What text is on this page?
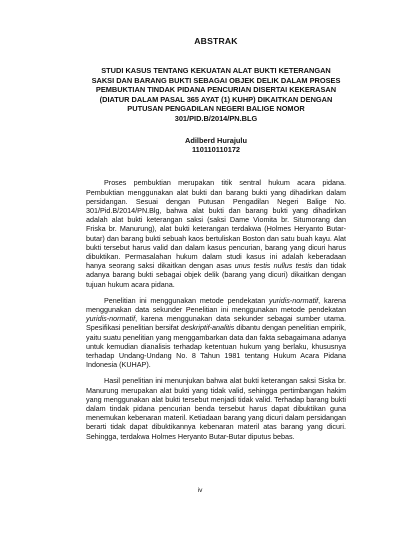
ABSTRAK
STUDI KASUS TENTANG KEKUATAN ALAT BUKTI KETERANGAN
SAKSI DAN BARANG BUKTI SEBAGAI OBJEK DELIK DALAM PROSES
PEMBUKTIAN TINDAK PIDANA PENCURIAN DISERTAI KEKERASAN
(DIATUR DALAM PASAL 365 AYAT (1) KUHP) DIKAITKAN DENGAN
PUTUSAN PENGADILAN NEGERI BALIGE NOMOR
301/PID.B/2014/PN.BLG
Adilberd Hurajulu
110110110172

Proses pembuktian merupakan titik sentral hukum acara pidana. Pembuktian menggunakan alat bukti dan barang bukti yang dihadirkan dalam persidangan. Sesuai dengan Putusan Pengadilan Negeri Balige No. 301/Pid.B/2014/PN.Blg, bahwa alat bukti dan barang bukti yang dihadirkan adalah alat bukti keterangan saksi (saksi Dame Viomita br. Situmorang dan Friska br. Manurung), alat bukti keterangan terdakwa (Holmes Heryanto Butar-butar) dan barang bukti sebuah kaos bertuliskan Boston dan satu buah kayu. Alat bukti tersebut harus valid dan dalam kasus pencurian, barang yang dicuri harus dibuktikan. Permasalahan hukum dalam studi kasus ini adalah keberadaan hanya seorang saksi dikaitkan dengan asas unus testis nullus testis dan tidak adanya barang bukti sebagai objek delik (barang yang dicuri) dikaitkan dengan tujuan hukum acara pidana.

Penelitian ini menggunakan metode pendekatan yuridis-normatif, karena menggunakan data sekunder Penelitian ini menggunakan metode pendekatan yuridis-normatif, karena menggunakan data sekunder sebagai sumber utama. Spesifikasi penelitian bersifat deskriptif-analitis dibantu dengan penelitian empirik, yaitu suatu penelitian yang menggambarkan data dan fakta sebagaimana adanya untuk kemudian dianalisis terhadap ketentuan hukum yang berlaku, khususnya terhadap Undang-Undang No. 8 Tahun 1981 tentang Hukum Acara Pidana Indonesia (KUHAP).

Hasil penelitian ini menunjukan bahwa alat bukti keterangan saksi Siska br. Manurung merupakan alat bukti yang tidak valid, sehingga pertimbangan hakim yang menggunakan alat bukti tersebut menjadi tidak valid. Terhadap barang bukti dalam tindak pidana pencurian benda tersebut harus dapat dibuktikan guna menemukan kebenaran materil. Ketiadaan barang yang dicuri dalam persidangan berarti tidak dapat dibuktikannya kebenaran materil atas barang yang dicuri. Sehingga, terdakwa Holmes Heryanto Butar-Butar diputus bebas.

iv
